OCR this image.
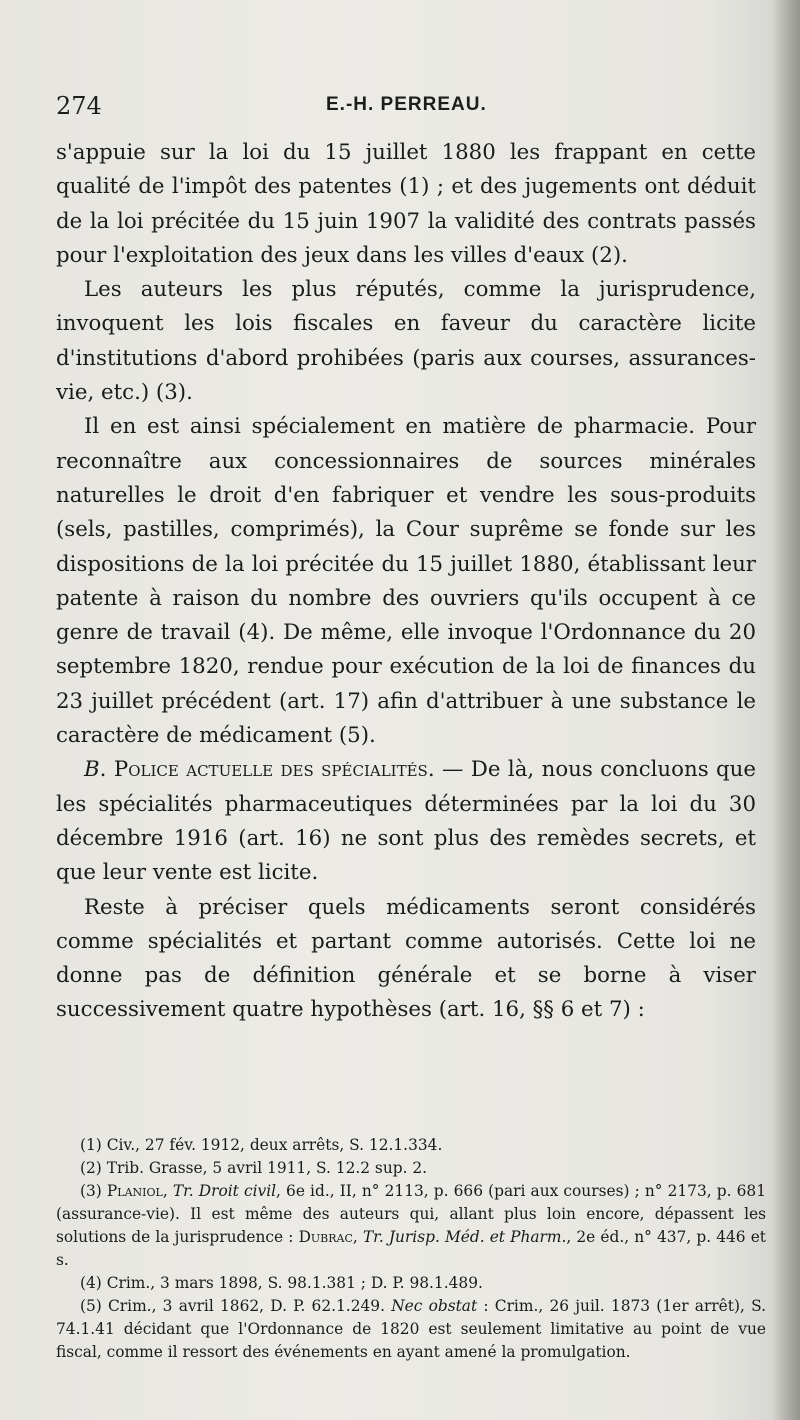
274	E.-H. PERREAU.

s'appuie sur la loi du 15 juillet 1880 les frappant en cette qualité de l'impôt des patentes (1) ; et des jugements ont déduit de la loi précitée du 15 juin 1907 la validité des contrats passés pour l'exploitation des jeux dans les villes d'eaux (2).

Les auteurs les plus réputés, comme la jurisprudence, invoquent les lois fiscales en faveur du caractère licite d'institutions d'abord prohibées (paris aux courses, assurances-vie, etc.) (3).

Il en est ainsi spécialement en matière de pharmacie. Pour reconnaître aux concessionnaires de sources minérales naturelles le droit d'en fabriquer et vendre les sous-produits (sels, pastilles, comprimés), la Cour suprême se fonde sur les dispositions de la loi précitée du 15 juillet 1880, établissant leur patente à raison du nombre des ouvriers qu'ils occupent à ce genre de travail (4). De même, elle invoque l'Ordonnance du 20 septembre 1820, rendue pour exécution de la loi de finances du 23 juillet précédent (art. 17) afin d'attribuer à une substance le caractère de médicament (5).

B. Police actuelle des spécialités. — De là, nous concluons que les spécialités pharmaceutiques déterminées par la loi du 30 décembre 1916 (art. 16) ne sont plus des remèdes secrets, et que leur vente est licite.

Reste à préciser quels médicaments seront considérés comme spécialités et partant comme autorisés. Cette loi ne donne pas de définition générale et se borne à viser successivement quatre hypothèses (art. 16, §§ 6 et 7) :

(1) Civ., 27 fév. 1912, deux arrêts, S. 12.1.334.

(2) Trib. Grasse, 5 avril 1911, S. 12.2 sup. 2.

(3) Planiol, Tr. Droit civil, 6e id., II, n° 2113, p. 666 (pari aux courses) ; n° 2173, p. 681 (assurance-vie). Il est même des auteurs qui, allant plus loin encore, dépassent les solutions de la jurisprudence : Dubrac, Tr. Jurisp. Méd. et Pharm., 2e éd., n° 437, p. 446 et s.

(4) Crim., 3 mars 1898, S. 98.1.381 ; D. P. 98.1.489.

(5) Crim., 3 avril 1862, D. P. 62.1.249. Nec obstat : Crim., 26 juil. 1873 (1er arrêt), S. 74.1.41 décidant que l'Ordonnance de 1820 est seulement limitative au point de vue fiscal, comme il ressort des événements en ayant amené la promulgation.
